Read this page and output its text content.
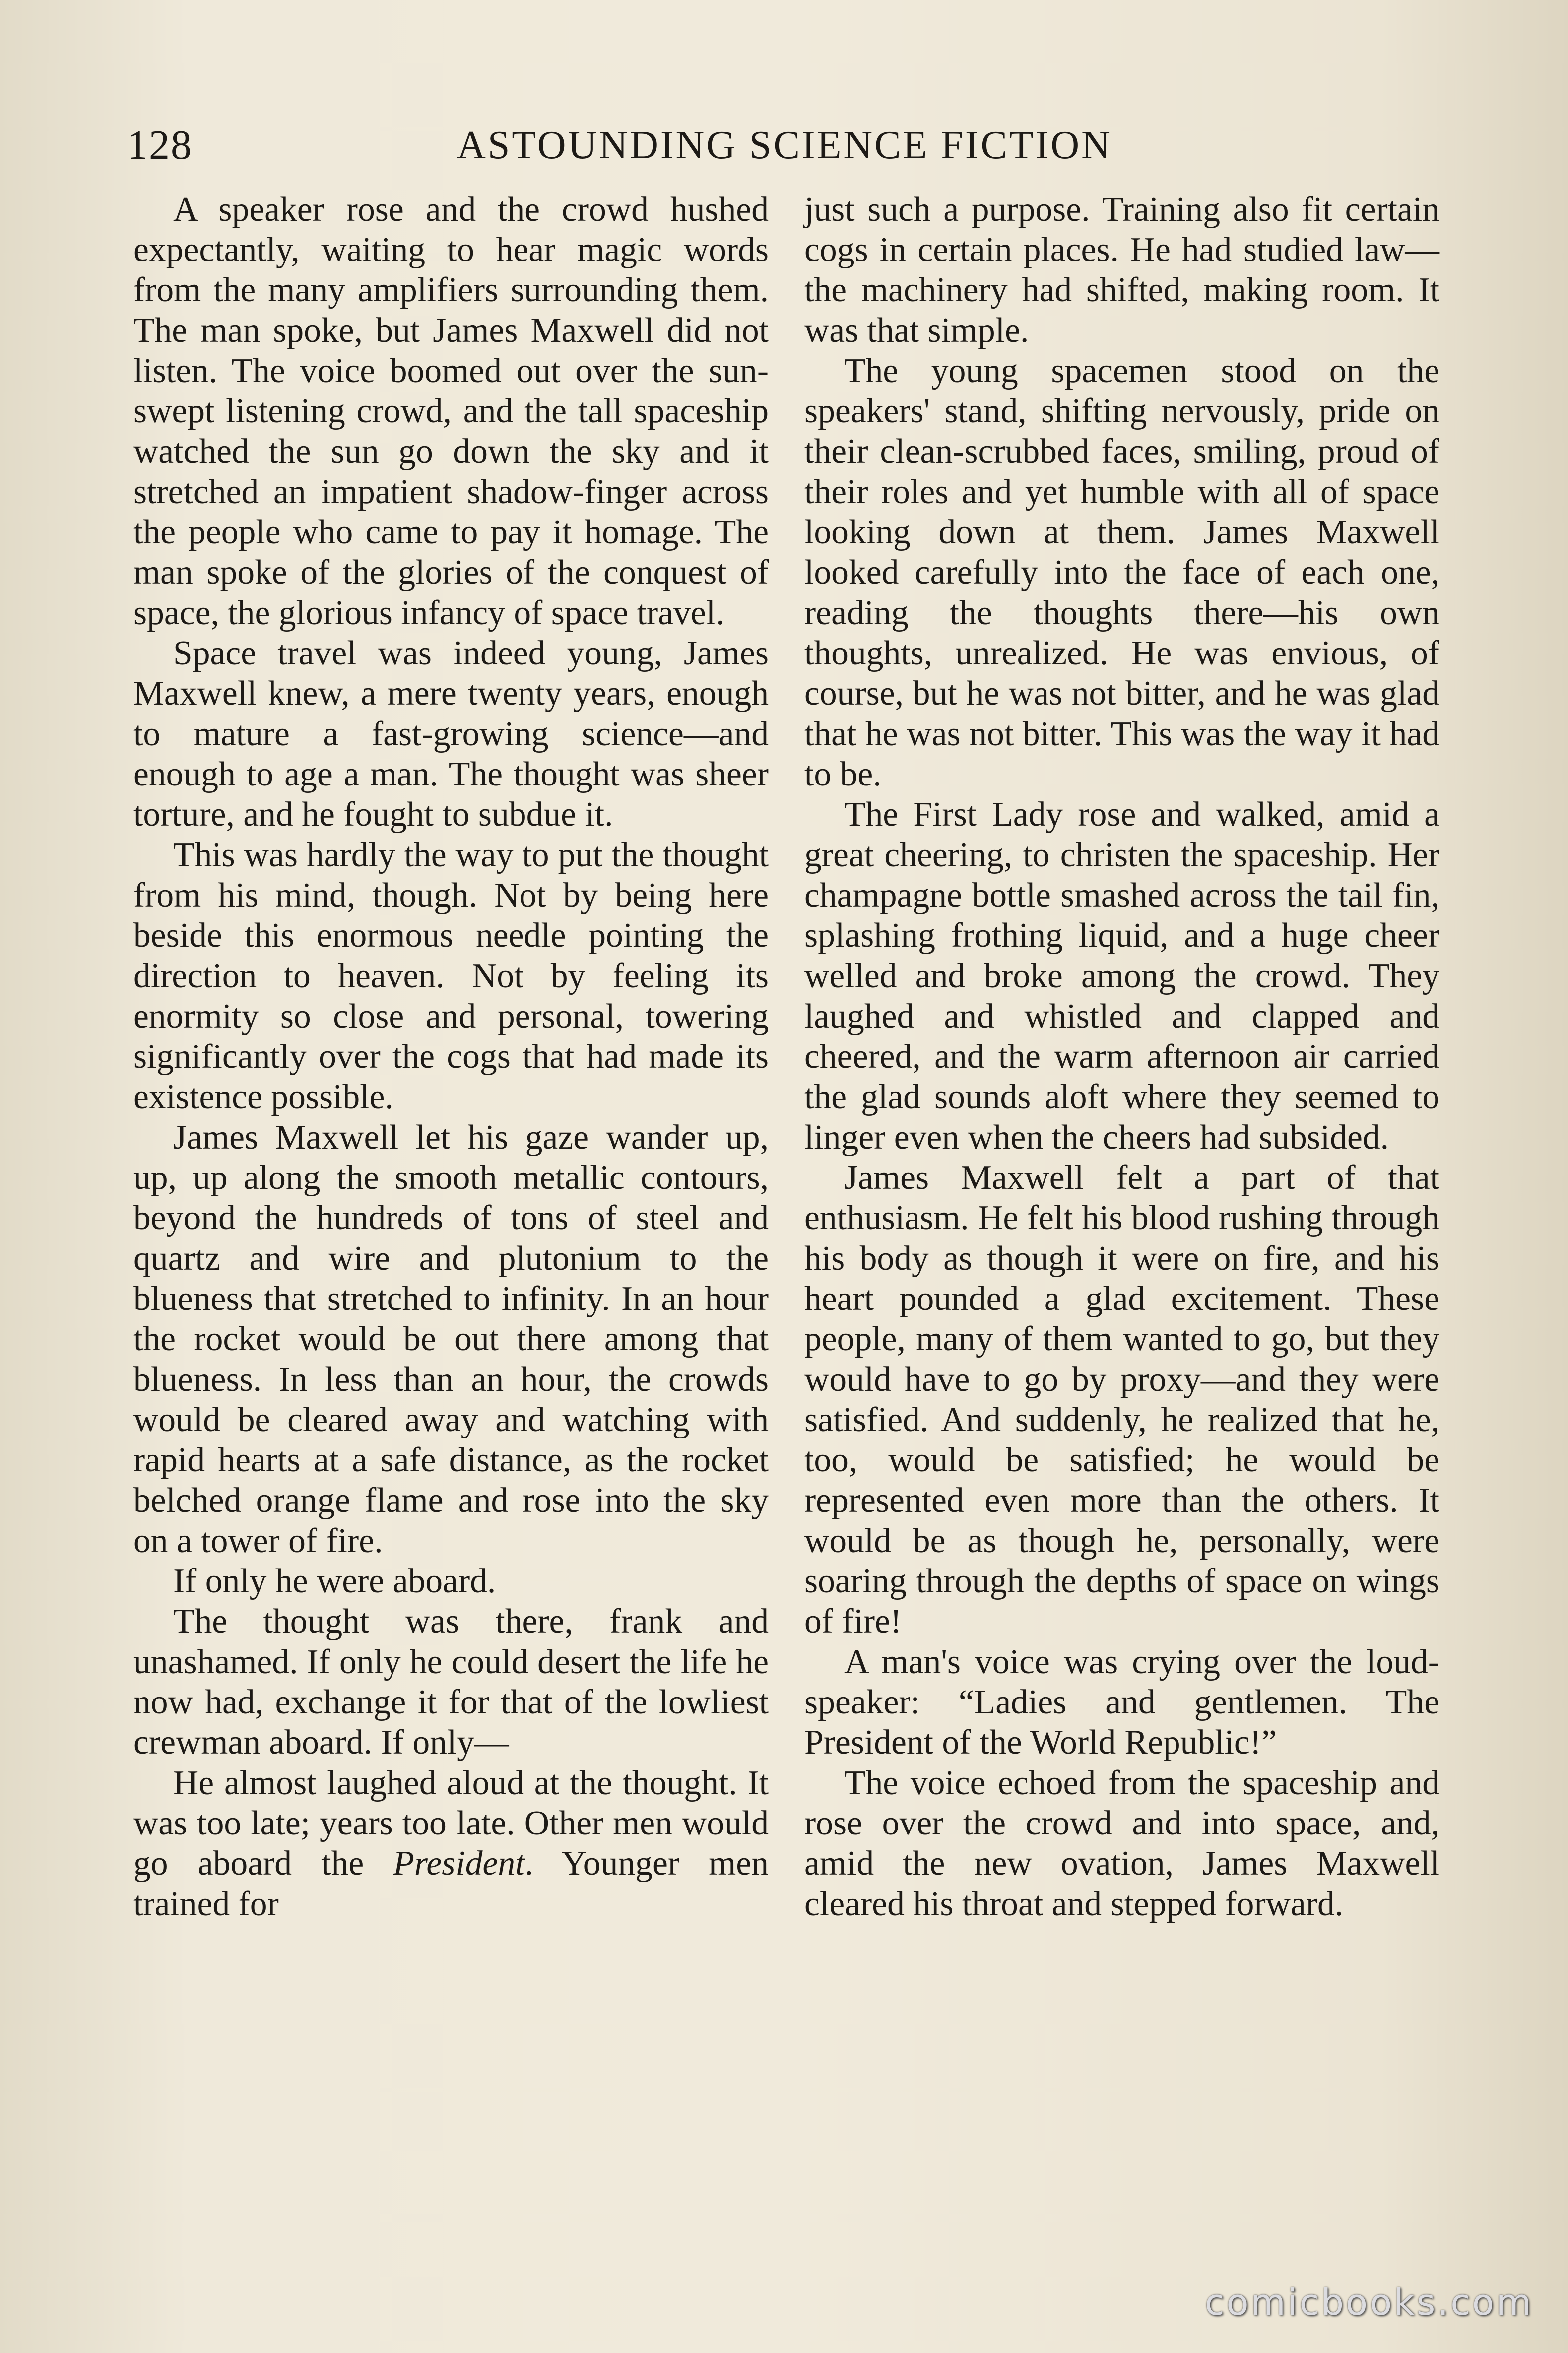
128	ASTOUNDING SCIENCE FICTION

A speaker rose and the crowd hushed expectantly, waiting to hear magic words from the many amplifiers surrounding them. The man spoke, but James Maxwell did not listen. The voice boomed out over the sun-swept listening crowd, and the tall spaceship watched the sun go down the sky and it stretched an impatient shadow-finger across the people who came to pay it homage. The man spoke of the glories of the conquest of space, the glorious infancy of space travel.

Space travel was indeed young, James Maxwell knew, a mere twenty years, enough to mature a fast-growing science—and enough to age a man. The thought was sheer torture, and he fought to subdue it.

This was hardly the way to put the thought from his mind, though. Not by being here beside this enormous needle pointing the direction to heaven. Not by feeling its enormity so close and personal, towering significantly over the cogs that had made its existence possible.

James Maxwell let his gaze wander up, up, up along the smooth metallic contours, beyond the hundreds of tons of steel and quartz and wire and plutonium to the blueness that stretched to infinity. In an hour the rocket would be out there among that blueness. In less than an hour, the crowds would be cleared away and watching with rapid hearts at a safe distance, as the rocket belched orange flame and rose into the sky on a tower of fire.

If only he were aboard.

The thought was there, frank and unashamed. If only he could desert the life he now had, exchange it for that of the lowliest crewman aboard. If only—

He almost laughed aloud at the thought. It was too late; years too late. Other men would go aboard the President. Younger men trained for

just such a purpose. Training also fit certain cogs in certain places. He had studied law—the machinery had shifted, making room. It was that simple.

The young spacemen stood on the speakers' stand, shifting nervously, pride on their clean-scrubbed faces, smiling, proud of their roles and yet humble with all of space looking down at them. James Maxwell looked carefully into the face of each one, reading the thoughts there—his own thoughts, unrealized. He was envious, of course, but he was not bitter, and he was glad that he was not bitter. This was the way it had to be.

The First Lady rose and walked, amid a great cheering, to christen the spaceship. Her champagne bottle smashed across the tail fin, splashing frothing liquid, and a huge cheer welled and broke among the crowd. They laughed and whistled and clapped and cheered, and the warm afternoon air carried the glad sounds aloft where they seemed to linger even when the cheers had subsided.

James Maxwell felt a part of that enthusiasm. He felt his blood rushing through his body as though it were on fire, and his heart pounded a glad excitement. These people, many of them wanted to go, but they would have to go by proxy—and they were satisfied. And suddenly, he realized that he, too, would be satisfied; he would be represented even more than the others. It would be as though he, personally, were soaring through the depths of space on wings of fire!

A man's voice was crying over the loud-speaker: “Ladies and gentlemen. The President of the World Republic!”

The voice echoed from the spaceship and rose over the crowd and into space, and, amid the new ovation, James Maxwell cleared his throat and stepped forward.

comicbooks.com
